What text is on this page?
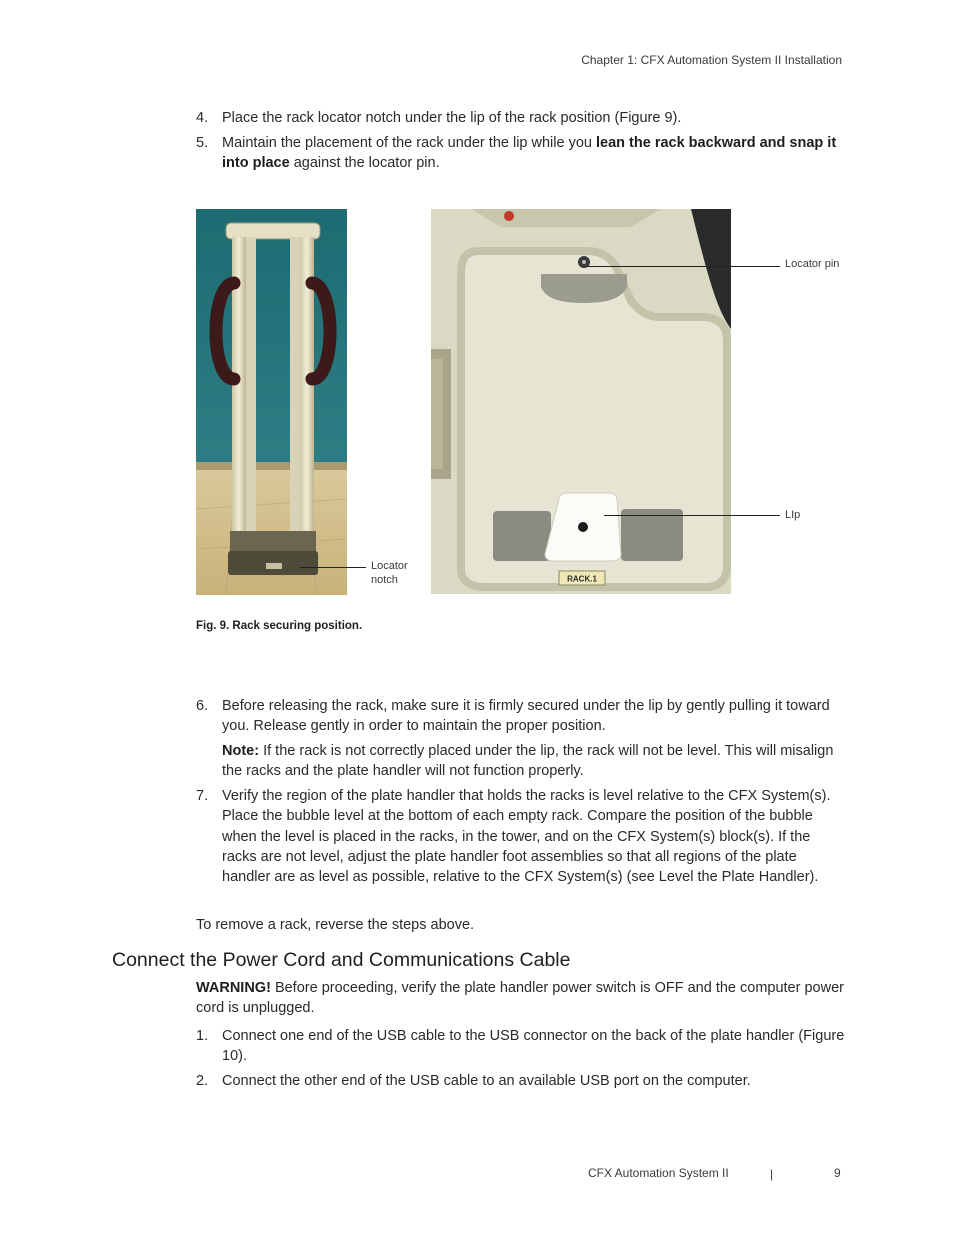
Chapter 1: CFX Automation System II Installation
4. Place the rack locator notch under the lip of the rack position (Figure 9).
5. Maintain the placement of the rack under the lip while you lean the rack backward and snap it into place against the locator pin.
RACK.1
Locator
notch
Locator pin
LIp
Fig. 9. Rack securing position.
6. Before releasing the rack, make sure it is firmly secured under the lip by gently pulling it toward you. Release gently in order to maintain the proper position.
Note: If the rack is not correctly placed under the lip, the rack will not be level. This will misalign the racks and the plate handler will not function properly.
7. Verify the region of the plate handler that holds the racks is level relative to the CFX System(s). Place the bubble level at the bottom of each empty rack. Compare the position of the bubble when the level is placed in the racks, in the tower, and on the CFX System(s) block(s). If the racks are not level, adjust the plate handler foot assemblies so that all regions of the plate handler are as level as possible, relative to the CFX System(s) (see Level the Plate Handler).
To remove a rack, reverse the steps above.
Connect the Power Cord and Communications Cable
WARNING! Before proceeding, verify the plate handler power switch is OFF and the computer power cord is unplugged.
1. Connect one end of the USB cable to the USB connector on the back of the plate handler (Figure 10).
2. Connect the other end of the USB cable to an available USB port on the computer.
CFX Automation System II	|	9
